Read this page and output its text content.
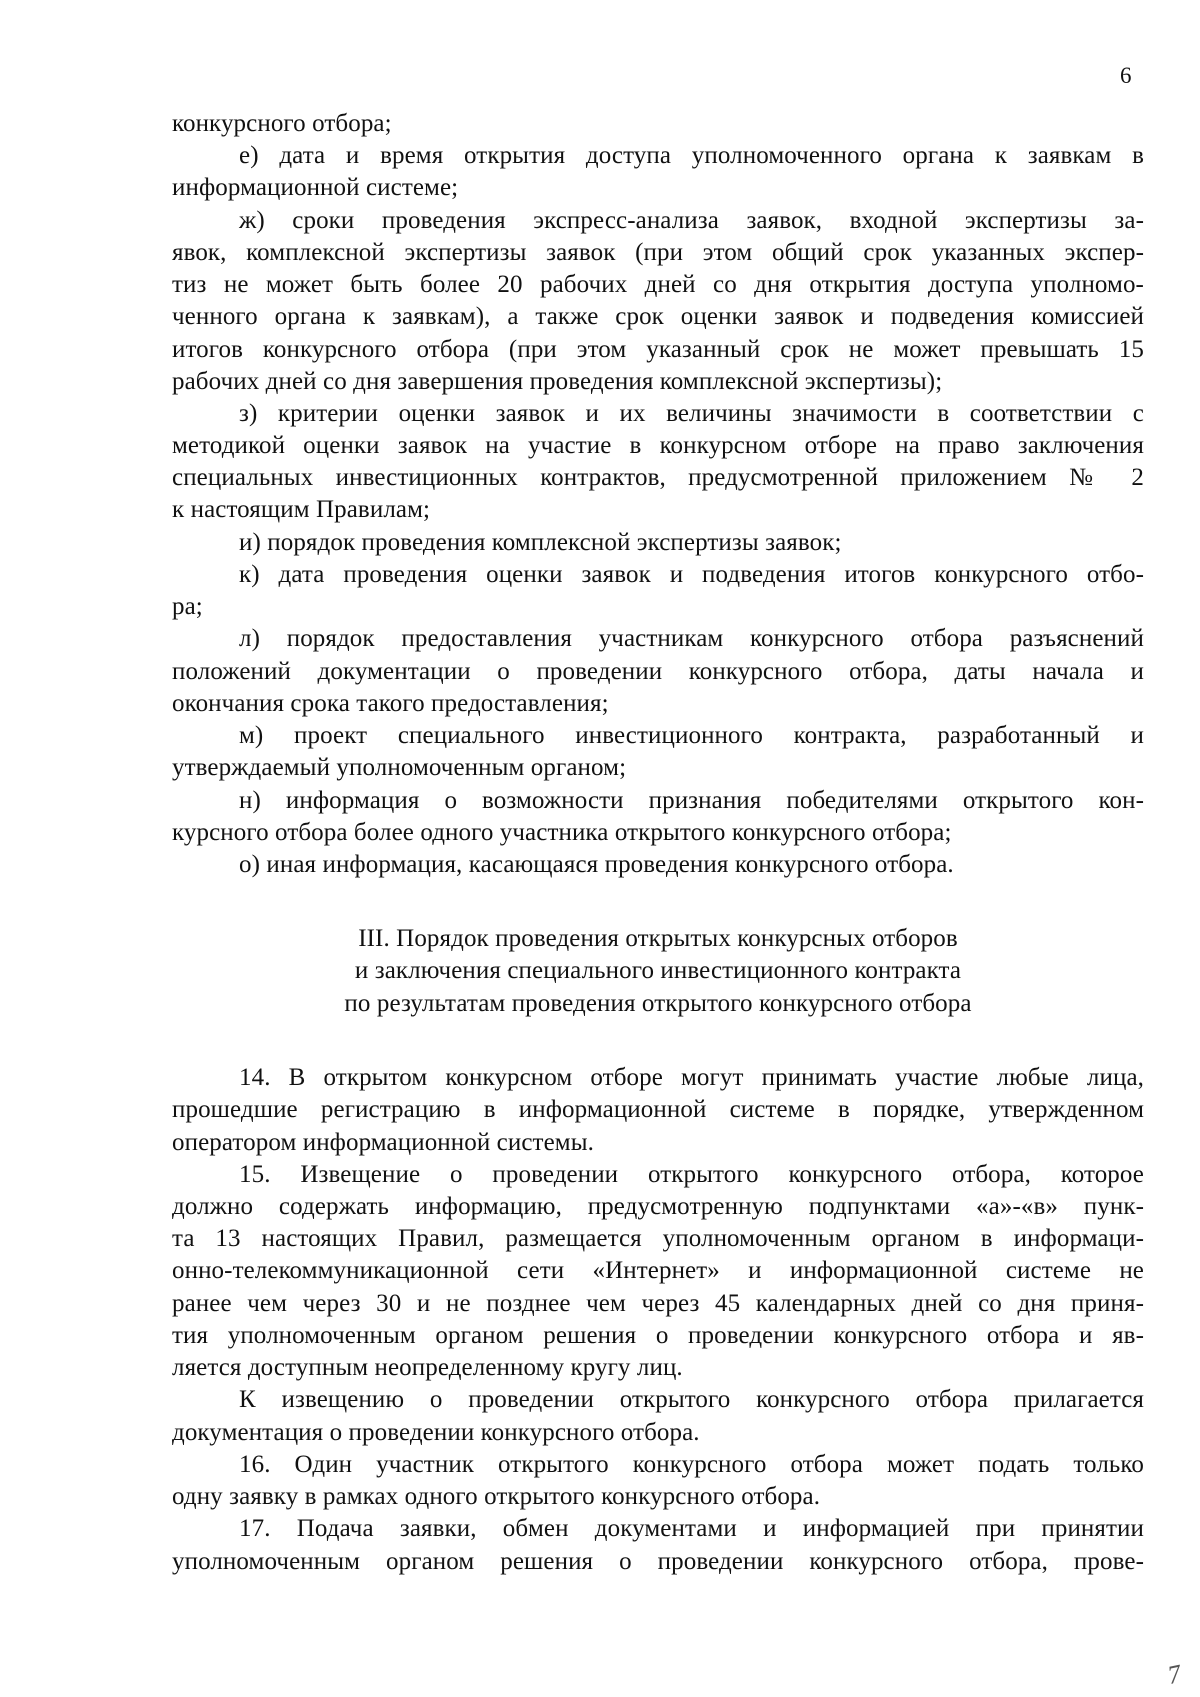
6
конкурсного отбора;
е) дата и время открытия доступа уполномоченного органа к заявкам в
информационной системе;
ж) сроки проведения экспресс-анализа заявок, входной экспертизы за-
явок, комплексной экспертизы заявок (при этом общий срок указанных экспер-
тиз не может быть более 20 рабочих дней со дня открытия доступа уполномо-
ченного органа к заявкам), а также срок оценки заявок и подведения комиссией
итогов конкурсного отбора (при этом указанный срок не может превышать 15
рабочих дней со дня завершения проведения комплексной экспертизы);
з) критерии оценки заявок и их величины значимости в соответствии с
методикой оценки заявок на участие в конкурсном отборе на право заключения
специальных инвестиционных контрактов, предусмотренной приложением № 2
к настоящим Правилам;
и) порядок проведения комплексной экспертизы заявок;
к) дата проведения оценки заявок и подведения итогов конкурсного отбо-
ра;
л) порядок предоставления участникам конкурсного отбора разъяснений
положений документации о проведении конкурсного отбора, даты начала и
окончания срока такого предоставления;
м) проект специального инвестиционного контракта, разработанный и
утверждаемый уполномоченным органом;
н) информация о возможности признания победителями открытого кон-
курсного отбора более одного участника открытого конкурсного отбора;
о) иная информация, касающаяся проведения конкурсного отбора.
III. Порядок проведения открытых конкурсных отборов
и заключения специального инвестиционного контракта
по результатам проведения открытого конкурсного отбора
14. В открытом конкурсном отборе могут принимать участие любые лица,
прошедшие регистрацию в информационной системе в порядке, утвержденном
оператором информационной системы.
15. Извещение о проведении открытого конкурсного отбора, которое
должно содержать информацию, предусмотренную подпунктами «а»-«в» пунк-
та 13 настоящих Правил, размещается уполномоченным органом в информаци-
онно-телекоммуникационной сети «Интернет» и информационной системе не
ранее чем через 30 и не позднее чем через 45 календарных дней со дня приня-
тия уполномоченным органом решения о проведении конкурсного отбора и яв-
ляется доступным неопределенному кругу лиц.
К извещению о проведении открытого конкурсного отбора прилагается
документация о проведении конкурсного отбора.
16. Один участник открытого конкурсного отбора может подать только
одну заявку в рамках одного открытого конкурсного отбора.
17. Подача заявки, обмен документами и информацией при принятии
уполномоченным органом решения о проведении конкурсного отбора, прове-
7
